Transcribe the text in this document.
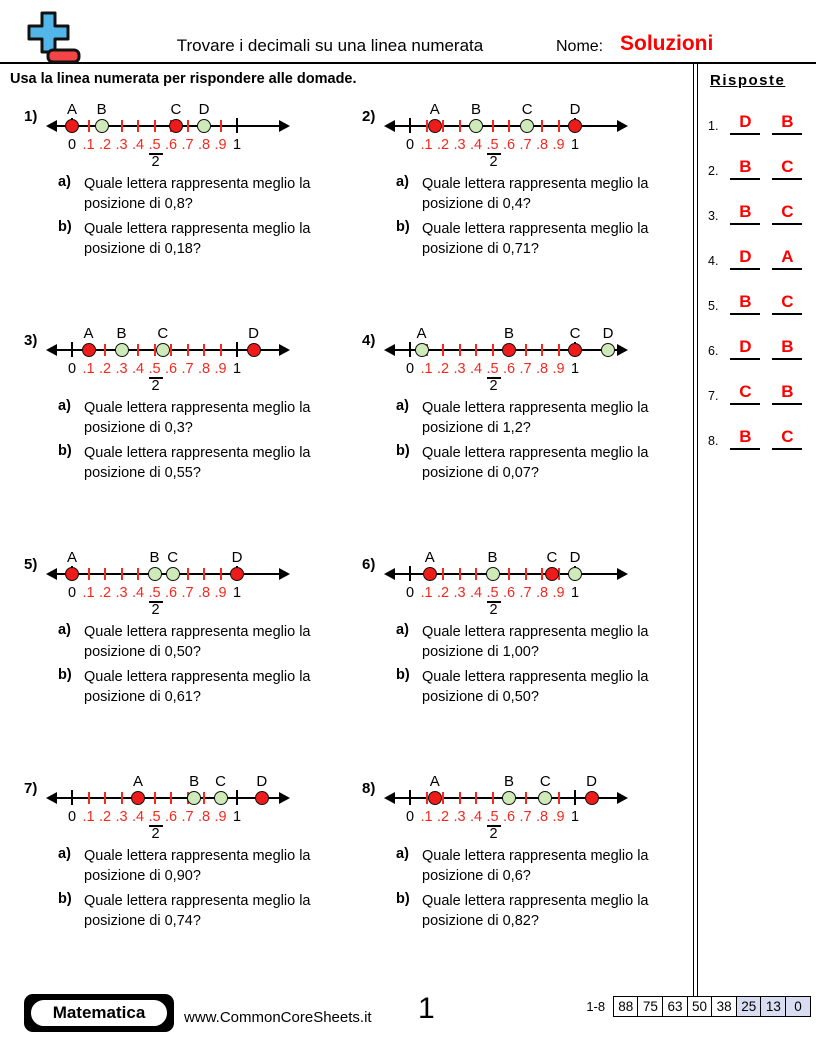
Trovare i decimali su una linea numerata	Nome: Soluzioni
Usa la linea numerata per rispondere alle domade.
1)
0 .1 .2 .3 .4 .5 .6 .7 .8 .9 1
2
A	B	C	D
a) Quale lettera rappresenta meglio la posizione di 0,8?
b) Quale lettera rappresenta meglio la posizione di 0,18?
2)
0 .1 .2 .3 .4 .5 .6 .7 .8 .9 1
2
A	B	C	D
a) Quale lettera rappresenta meglio la posizione di 0,4?
b) Quale lettera rappresenta meglio la posizione di 0,71?
3)
0 .1 .2 .3 .4 .5 .6 .7 .8 .9 1
2
A	B	C	D
a) Quale lettera rappresenta meglio la posizione di 0,3?
b) Quale lettera rappresenta meglio la posizione di 0,55?
4)
0 .1 .2 .3 .4 .5 .6 .7 .8 .9 1
2
A	B	C	D
a) Quale lettera rappresenta meglio la posizione di 1,2?
b) Quale lettera rappresenta meglio la posizione di 0,07?
5)
0 .1 .2 .3 .4 .5 .6 .7 .8 .9 1
2
A	B C	D
a) Quale lettera rappresenta meglio la posizione di 0,50?
b) Quale lettera rappresenta meglio la posizione di 0,61?
6)
0 .1 .2 .3 .4 .5 .6 .7 .8 .9 1
2
A	B	C D
a) Quale lettera rappresenta meglio la posizione di 1,00?
b) Quale lettera rappresenta meglio la posizione di 0,50?
7)
0 .1 .2 .3 .4 .5 .6 .7 .8 .9 1
2
A	B	C	D
a) Quale lettera rappresenta meglio la posizione di 0,90?
b) Quale lettera rappresenta meglio la posizione di 0,74?
8)
0 .1 .2 .3 .4 .5 .6 .7 .8 .9 1
2
A	B	C	D
a) Quale lettera rappresenta meglio la posizione di 0,6?
b) Quale lettera rappresenta meglio la posizione di 0,82?
Risposte
1.	D	B
2.	B	C
3.	B	C
4.	D	A
5.	B	C
6.	D	B
7.	C	B
8.	B	C
Matematica	www.CommonCoreSheets.it 1	1-8 88 75 63 50 38 25 13 0
